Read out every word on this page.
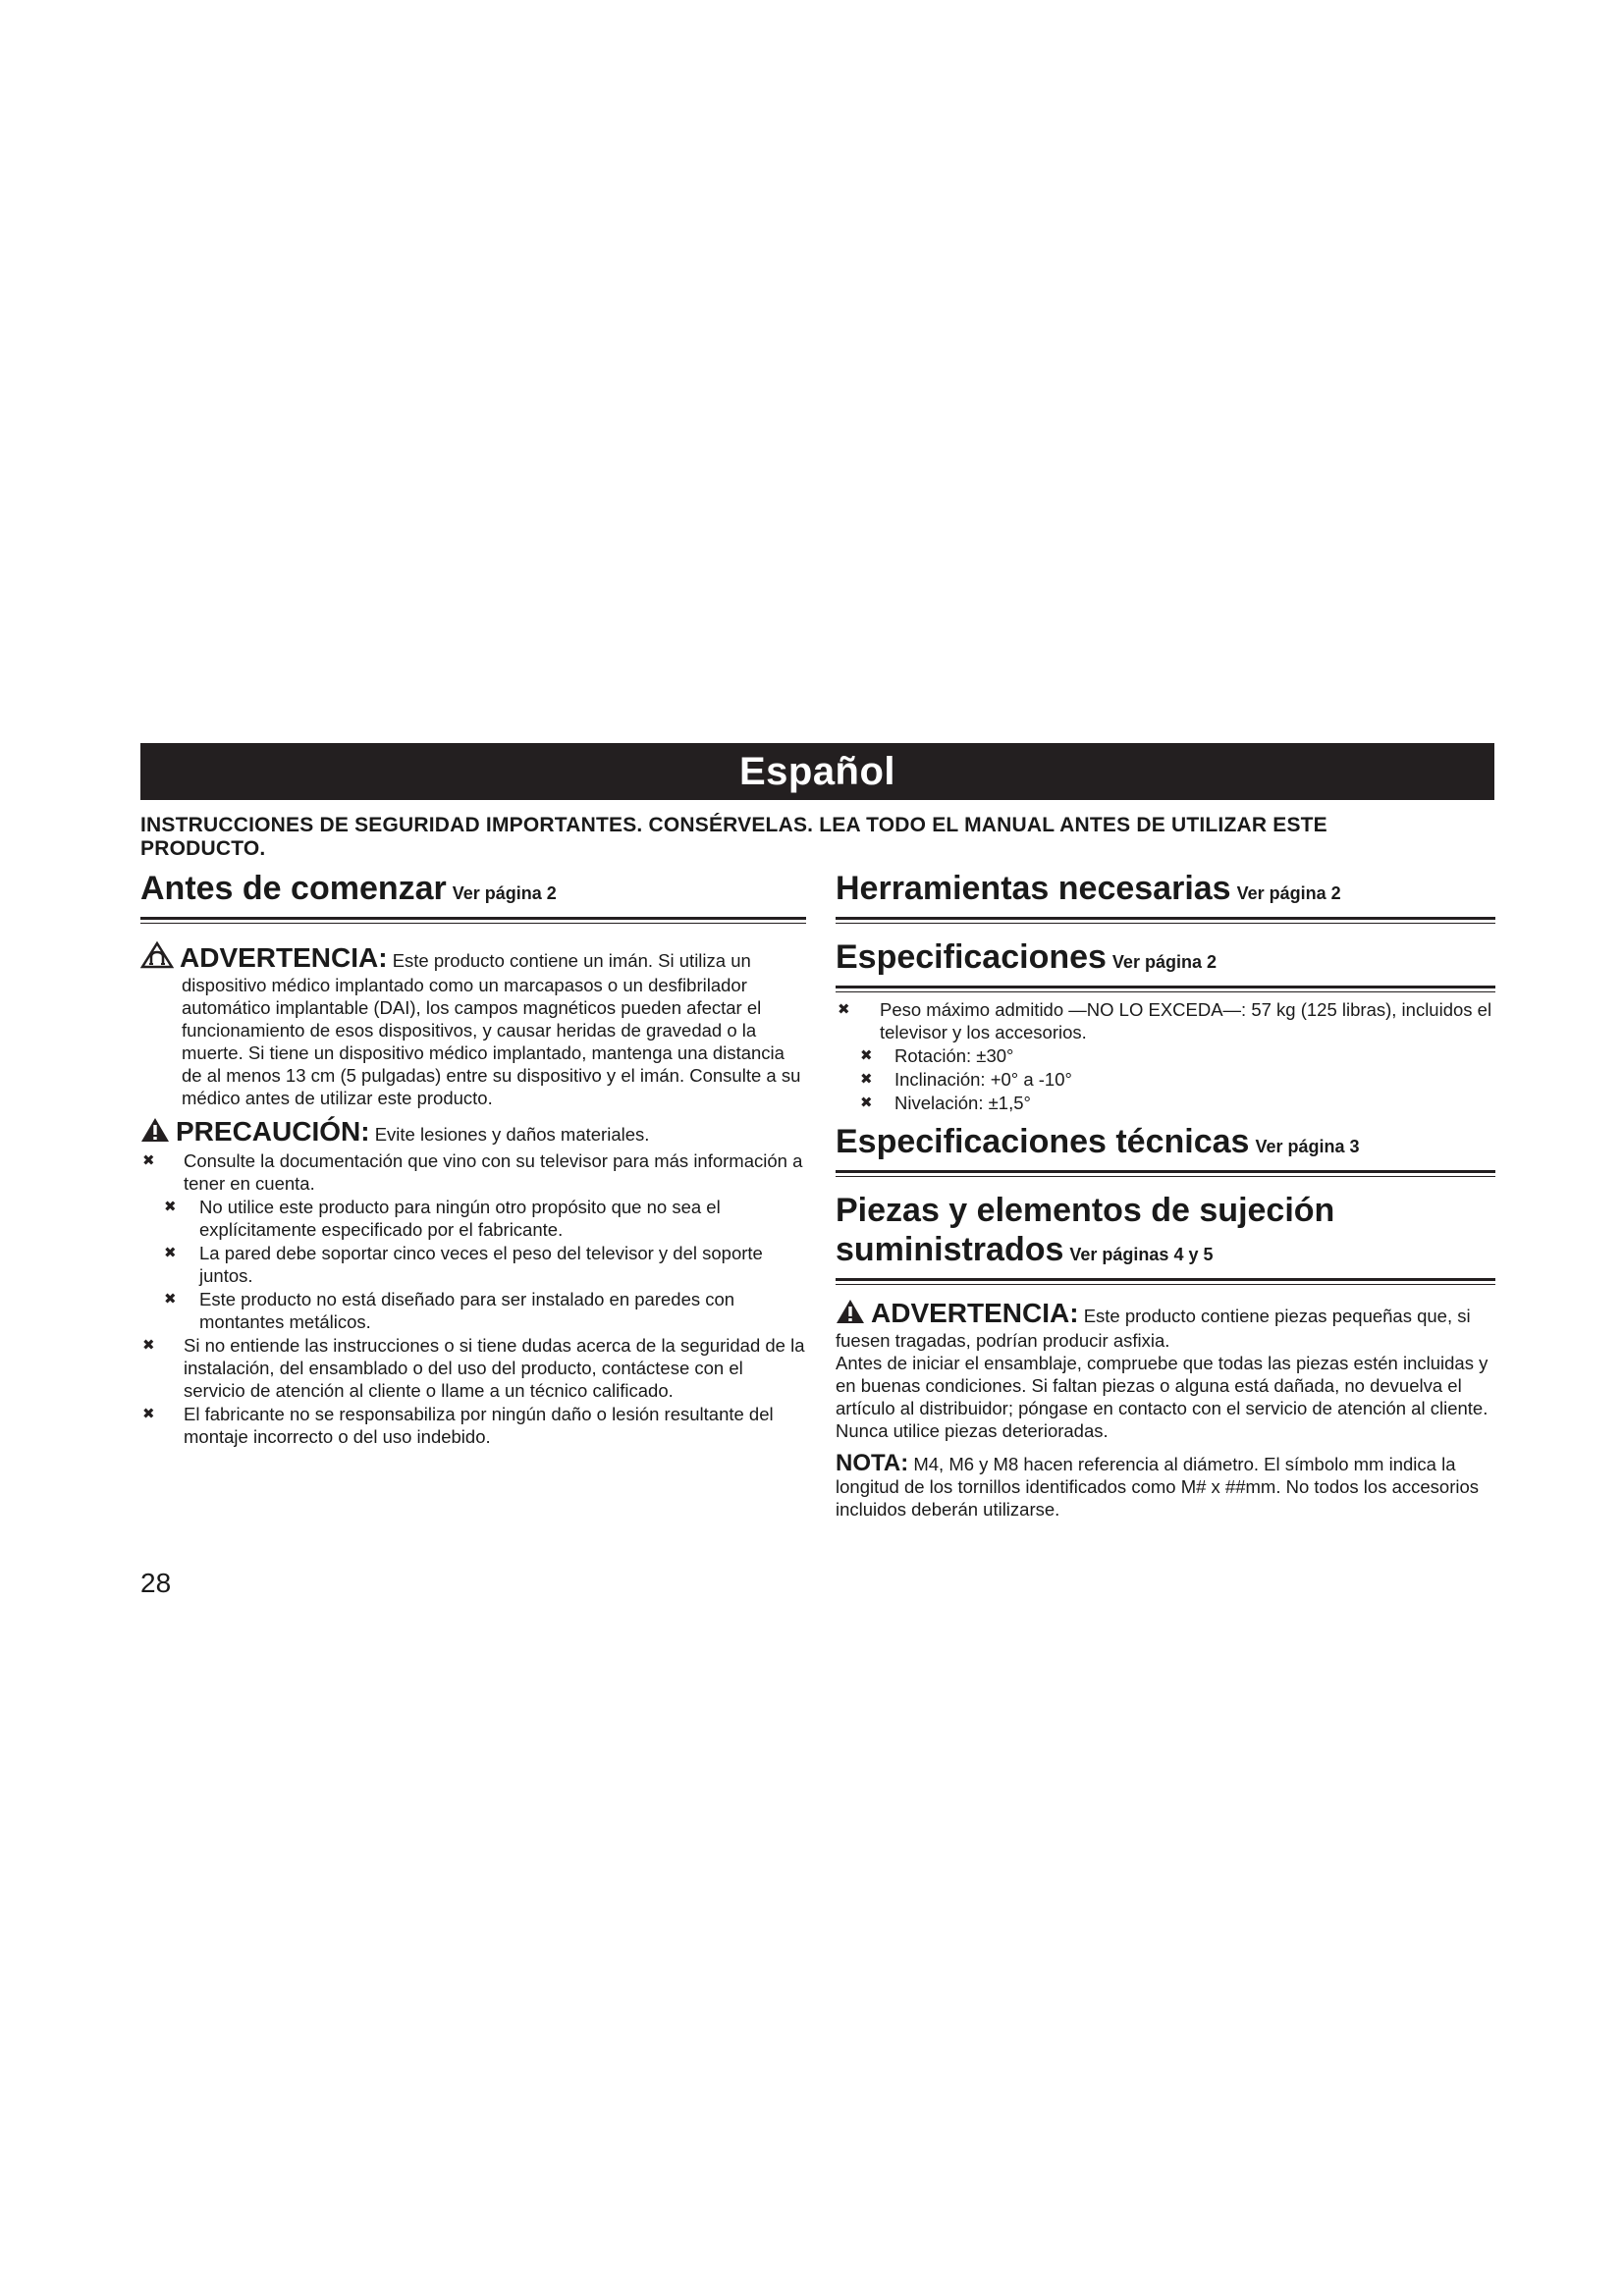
Español
INSTRUCCIONES DE SEGURIDAD IMPORTANTES. CONSÉRVELAS. LEA TODO EL MANUAL ANTES DE UTILIZAR ESTE PRODUCTO.
Antes de comenzar Ver página 2
ADVERTENCIA: Este producto contiene un imán. Si utiliza un
dispositivo médico implantado como un marcapasos o un desfibrilador automático implantable (DAI), los campos magnéticos pueden afectar el funcionamiento de esos dispositivos, y causar heridas de gravedad o la muerte. Si tiene un dispositivo médico implantado, mantenga una distancia de al menos 13 cm (5 pulgadas) entre su dispositivo y el imán. Consulte a su médico antes de utilizar este producto.
PRECAUCIÓN: Evite lesiones y daños materiales.
✖ Consulte la documentación que vino con su televisor para más información a tener en cuenta.
✖ No utilice este producto para ningún otro propósito que no sea el explícitamente especificado por el fabricante.
✖ La pared debe soportar cinco veces el peso del televisor y del soporte juntos.
✖ Este producto no está diseñado para ser instalado en paredes con montantes metálicos.
✖ Si no entiende las instrucciones o si tiene dudas acerca de la seguridad de la instalación, del ensamblado o del uso del producto, contáctese con el servicio de atención al cliente o llame a un técnico calificado.
✖ El fabricante no se responsabiliza por ningún daño o lesión resultante del montaje incorrecto o del uso indebido.
Herramientas necesarias Ver página 2
Especificaciones Ver página 2
✖ Peso máximo admitido —NO LO EXCEDA—: 57 kg (125 libras), incluidos el televisor y los accesorios.
✖ Rotación: ±30°
✖ Inclinación: +0° a -10°
✖ Nivelación: ±1,5°
Especificaciones técnicas Ver página 3
Piezas y elementos de sujeción
suministrados Ver páginas 4 y 5
ADVERTENCIA: Este producto contiene piezas pequeñas que, si fuesen tragadas, podrían producir asfixia.
Antes de iniciar el ensamblaje, compruebe que todas las piezas estén incluidas y en buenas condiciones. Si faltan piezas o alguna está dañada, no devuelva el artículo al distribuidor; póngase en contacto con el servicio de atención al cliente. Nunca utilice piezas deterioradas.
NOTA: M4, M6 y M8 hacen referencia al diámetro. El símbolo mm indica la longitud de los tornillos identificados como M# x ##mm. No todos los accesorios incluidos deberán utilizarse.
28
